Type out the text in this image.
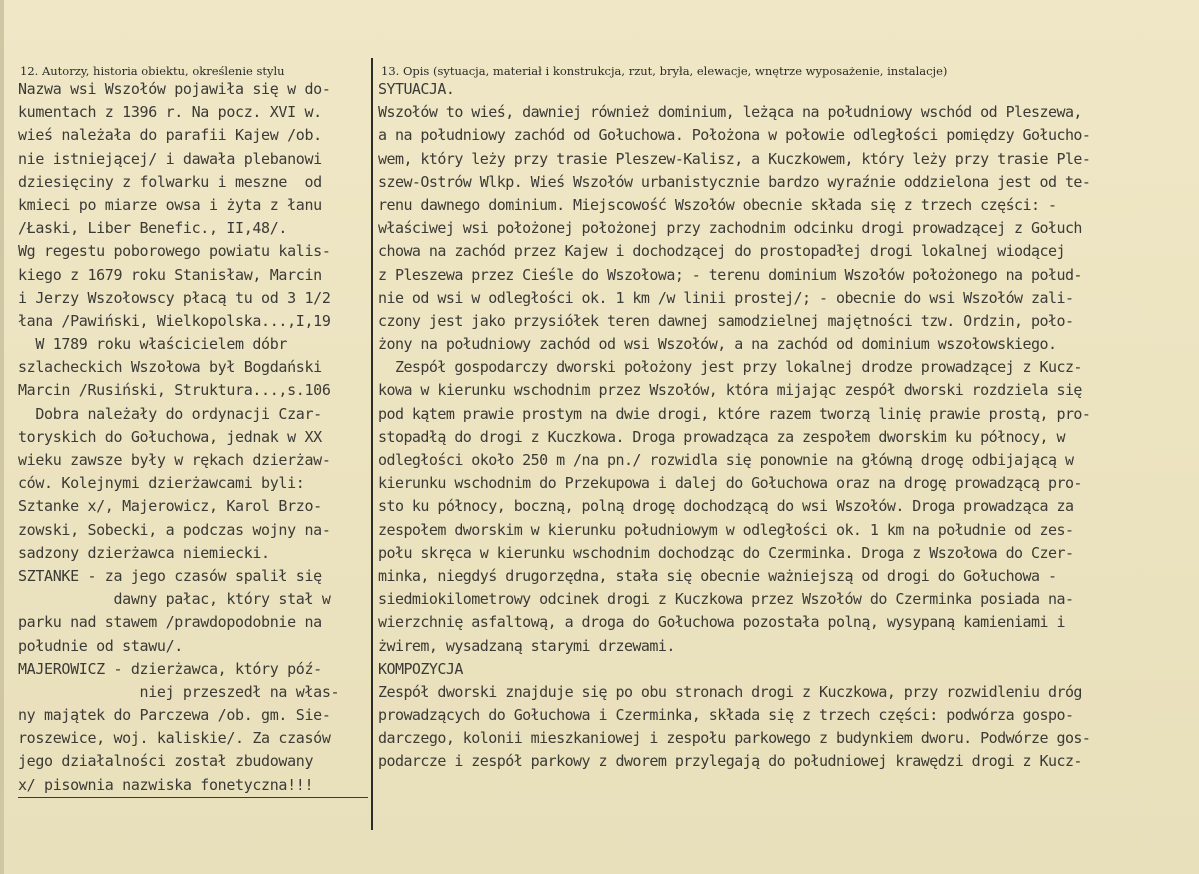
12. Autorzy, historia obiektu, określenie stylu	13. Opis (sytuacja, materiał i konstrukcja, rzut, bryła, elewacje, wnętrze wyposażenie, instalacje)
Nazwa wsi Wszołów pojawiła się w do-
kumentach z 1396 r. Na pocz. XVI w.
wieś należała do parafii Kajew /ob.
nie istniejącej/ i dawała plebanowi
dziesięciny z folwarku i meszne  od
kmieci po miarze owsa i żyta z łanu
/Łaski, Liber Benefic., II,48/.
Wg regestu poborowego powiatu kalis-
kiego z 1679 roku Stanisław, Marcin
i Jerzy Wszołowscy płacą tu od 3 1/2
łana /Pawiński, Wielkopolska...,I,19
W 1789 roku właścicielem dóbr
szlacheckich Wszołowa był Bogdański
Marcin /Rusiński, Struktura...,s.106
Dobra należały do ordynacji Czar-
toryskich do Gołuchowa, jednak w XX
wieku zawsze były w rękach dzierżaw-
ców. Kolejnymi dzierżawcami byli:
Sztanke x/, Majerowicz, Karol Brzo-
zowski, Sobecki, a podczas wojny na-
sadzony dzierżawca niemiecki.
SZTANKE - za jego czasów spalił się
dawny pałac, który stał w
parku nad stawem /prawdopodobnie na
południe od stawu/.
MAJEROWICZ - dzierżawca, który póź-
niej przeszedł na włas-
ny majątek do Parczewa /ob. gm. Sie-
roszewice, woj. kaliskie/. Za czasów
jego działalności został zbudowany
x/ pisownia nazwiska fonetyczna!!!
SYTUACJA.
Wszołów to wieś, dawniej również dominium, leżąca na południowy wschód od Pleszewa,
a na południowy zachód od Gołuchowa. Położona w połowie odległości pomiędzy Gołucho-
wem, który leży przy trasie Pleszew-Kalisz, a Kuczkowem, który leży przy trasie Ple-
szew-Ostrów Wlkp. Wieś Wszołów urbanistycznie bardzo wyraźnie oddzielona jest od te-
renu dawnego dominium. Miejscowość Wszołów obecnie składa się z trzech części: -
właściwej wsi położonej położonej przy zachodnim odcinku drogi prowadzącej z Gołuch
chowa na zachód przez Kajew i dochodzącej do prostopadłej drogi lokalnej wiodącej
z Pleszewa przez Cieśle do Wszołowa; - terenu dominium Wszołów położonego na połud-
nie od wsi w odległości ok. 1 km /w linii prostej/; - obecnie do wsi Wszołów zali-
czony jest jako przysiółek teren dawnej samodzielnej majętności tzw. Ordzin, poło-
żony na południowy zachód od wsi Wszołów, a na zachód od dominium wszołowskiego.
Zespół gospodarczy dworski położony jest przy lokalnej drodze prowadzącej z Kucz-
kowa w kierunku wschodnim przez Wszołów, która mijając zespół dworski rozdziela się
pod kątem prawie prostym na dwie drogi, które razem tworzą linię prawie prostą, pro-
stopadłą do drogi z Kuczkowa. Droga prowadząca za zespołem dworskim ku północy, w
odległości około 250 m /na pn./ rozwidla się ponownie na główną drogę odbijającą w
kierunku wschodnim do Przekupowa i dalej do Gołuchowa oraz na drogę prowadzącą pro-
sto ku północy, boczną, polną drogę dochodzącą do wsi Wszołów. Droga prowadząca za
zespołem dworskim w kierunku południowym w odległości ok. 1 km na południe od zes-
połu skręca w kierunku wschodnim dochodząc do Czerminka. Droga z Wszołowa do Czer-
minka, niegdyś drugorzędna, stała się obecnie ważniejszą od drogi do Gołuchowa -
siedmiokilometrowy odcinek drogi z Kuczkowa przez Wszołów do Czerminka posiada na-
wierzchnię asfaltową, a droga do Gołuchowa pozostała polną, wysypaną kamieniami i
żwirem, wysadzaną starymi drzewami.
KOMPOZYCJA
Zespół dworski znajduje się po obu stronach drogi z Kuczkowa, przy rozwidleniu dróg
prowadzących do Gołuchowa i Czerminka, składa się z trzech części: podwórza gospo-
darczego, kolonii mieszkaniowej i zespołu parkowego z budynkiem dworu. Podwórze gos-
podarcze i zespół parkowy z dworem przylegają do południowej krawędzi drogi z Kucz-
